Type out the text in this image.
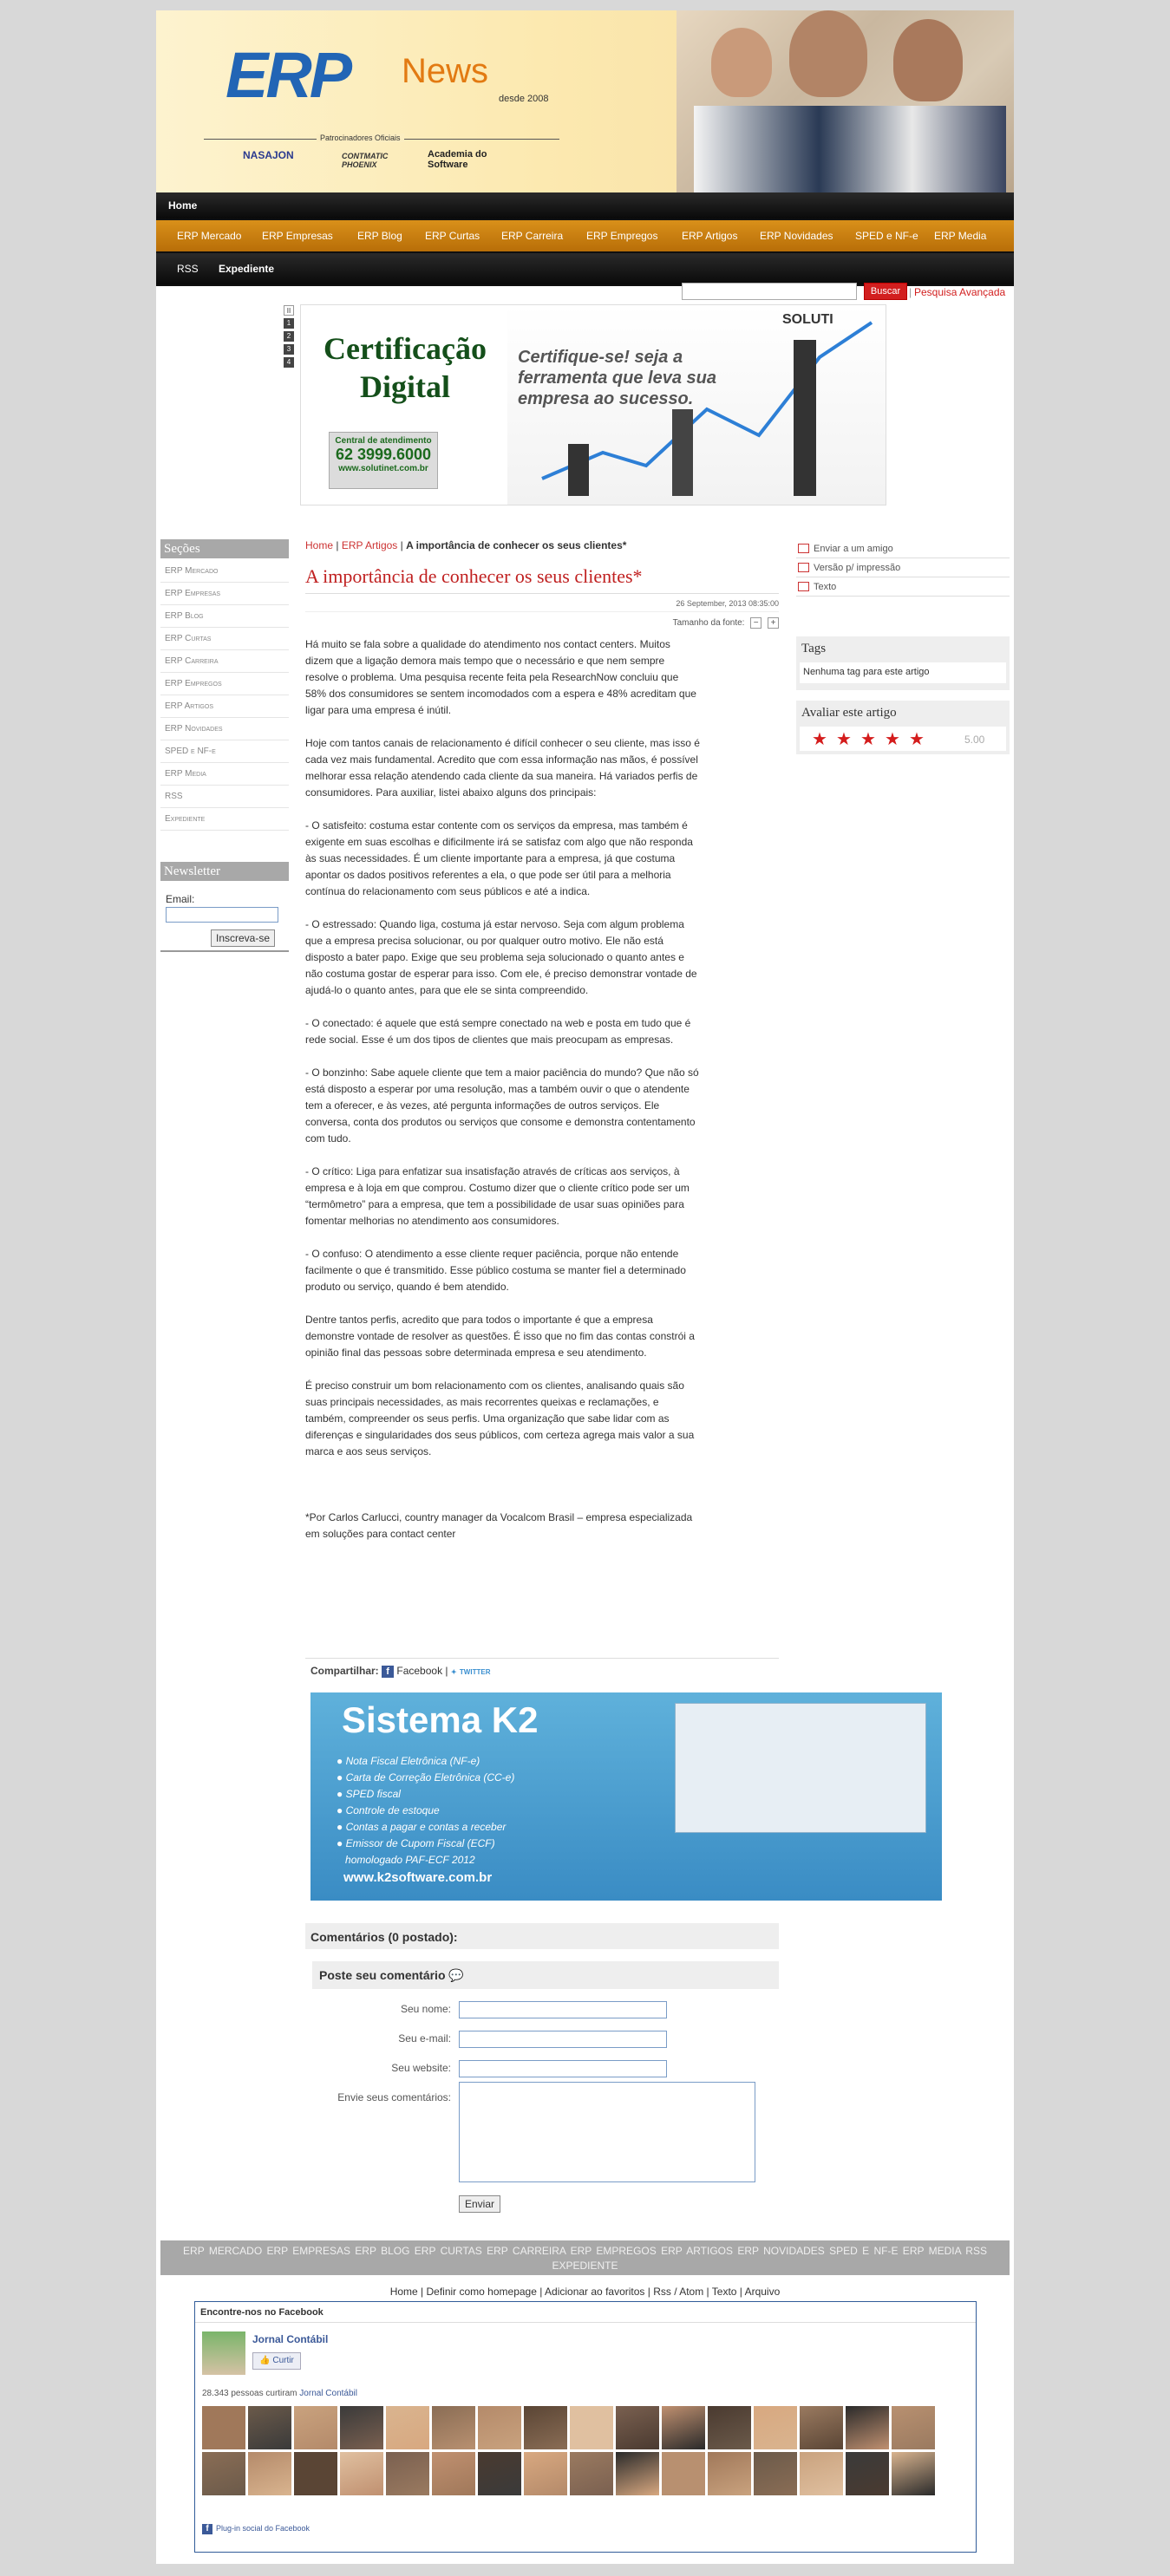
ERP News
desde 2008
Patrocinadores Oficiais
NASAJON	CONTMATIC PHOENIX
Academia do Software
Home
ERP Mercado ERP Empresas ERP Blog ERP Curtas ERP Carreira ERP Empregos ERP Artigos ERP Novidades SPED e NF-e ERP Media
RSS Expediente
Buscar | Pesquisa Avançada
II
1
2
3
4 Certificação Digital
Central de atendimento
62 3999.6000
www.solutinet.com.br
Certifique-se! seja a ferramenta que leva sua empresa ao sucesso.
SOLUTI
Seções
ERP Mercado
ERP Empresas
ERP Blog
ERP Curtas
ERP Carreira
ERP Empregos
ERP Artigos
ERP Novidades
SPED e NF-e
ERP Media
RSS
Expediente
Newsletter
Email:
Inscreva-se
Home | ERP Artigos | A importância de conhecer os seus clientes*
A importância de conhecer os seus clientes*
26 September, 2013 08:35:00
Tamanho da fonte: − +

Há muito se fala sobre a qualidade do atendimento nos contact centers. Muitos dizem que a ligação demora mais tempo que o necessário e que nem sempre resolve o problema. Uma pesquisa recente feita pela ResearchNow concluiu que 58% dos consumidores se sentem incomodados com a espera e 48% acreditam que ligar para uma empresa é inútil.

Hoje com tantos canais de relacionamento é difícil conhecer o seu cliente, mas isso é cada vez mais fundamental. Acredito que com essa informação nas mãos, é possível melhorar essa relação atendendo cada cliente da sua maneira. Há variados perfis de consumidores. Para auxiliar, listei abaixo alguns dos principais:

- O satisfeito: costuma estar contente com os serviços da empresa, mas também é exigente em suas escolhas e dificilmente irá se satisfaz com algo que não responda às suas necessidades. É um cliente importante para a empresa, já que costuma apontar os dados positivos referentes a ela, o que pode ser útil para a melhoria contínua do relacionamento com seus públicos e até a indica.

- O estressado: Quando liga, costuma já estar nervoso. Seja com algum problema que a empresa precisa solucionar, ou por qualquer outro motivo. Ele não está disposto a bater papo. Exige que seu problema seja solucionado o quanto antes e não costuma gostar de esperar para isso. Com ele, é preciso demonstrar vontade de ajudá-lo o quanto antes, para que ele se sinta compreendido.

- O conectado: é aquele que está sempre conectado na web e posta em tudo que é rede social. Esse é um dos tipos de clientes que mais preocupam as empresas.

- O bonzinho: Sabe aquele cliente que tem a maior paciência do mundo? Que não só está disposto a esperar por uma resolução, mas a também ouvir o que o atendente tem a oferecer, e às vezes, até pergunta informações de outros serviços. Ele conversa, conta dos produtos ou serviços que consome e demonstra contentamento com tudo.

- O crítico: Liga para enfatizar sua insatisfação através de críticas aos serviços, à empresa e à loja em que comprou. Costumo dizer que o cliente crítico pode ser um “termômetro” para a empresa, que tem a possibilidade de usar suas opiniões para fomentar melhorias no atendimento aos consumidores.

- O confuso: O atendimento a esse cliente requer paciência, porque não entende facilmente o que é transmitido. Esse público costuma se manter fiel a determinado produto ou serviço, quando é bem atendido.

Dentre tantos perfis, acredito que para todos o importante é que a empresa demonstre vontade de resolver as questões. É isso que no fim das contas constrói a opinião final das pessoas sobre determinada empresa e seu atendimento.

É preciso construir um bom relacionamento com os clientes, analisando quais são suas principais necessidades, as mais recorrentes queixas e reclamações, e também, compreender os seus perfis. Uma organização que sabe lidar com as diferenças e singularidades dos seus públicos, com certeza agrega mais valor a sua marca e aos seus serviços.

*Por Carlos Carlucci, country manager da Vocalcom Brasil – empresa especializada em soluções para contact center

Compartilhar: f Facebook | ✦ TWITTER
Sistema K2
● Nota Fiscal Eletrônica (NF-e)
● Carta de Correção Eletrônica (CC-e)
● SPED fiscal
● Controle de estoque
● Contas a pagar e contas a receber
● Emissor de Cupom Fiscal (ECF)
homologado PAF-ECF 2012
www.k2software.com.br
Comentários (0 postado):
Poste seu comentário 💬
Seu nome:
Seu e-mail:
Seu website:
Envie seus comentários:
Enviar
Enviar a um amigo
Versão p/ impressão
Texto
Tags
Nenhuma tag para este artigo
Avaliar este artigo
★ ★ ★ ★ ★	5.00
ERP MERCADO ERP EMPRESAS ERP BLOG ERP CURTAS ERP CARREIRA ERP EMPREGOS ERP ARTIGOS ERP NOVIDADES SPED E NF-E ERP MEDIA RSS EXPEDIENTE
Home | Definir como homepage | Adicionar ao favoritos | Rss / Atom | Texto | Arquivo
Encontre-nos no Facebook
Jornal Contábil
👍 Curtir
28.343 pessoas curtiram Jornal Contábil
f Plug-in social do Facebook
